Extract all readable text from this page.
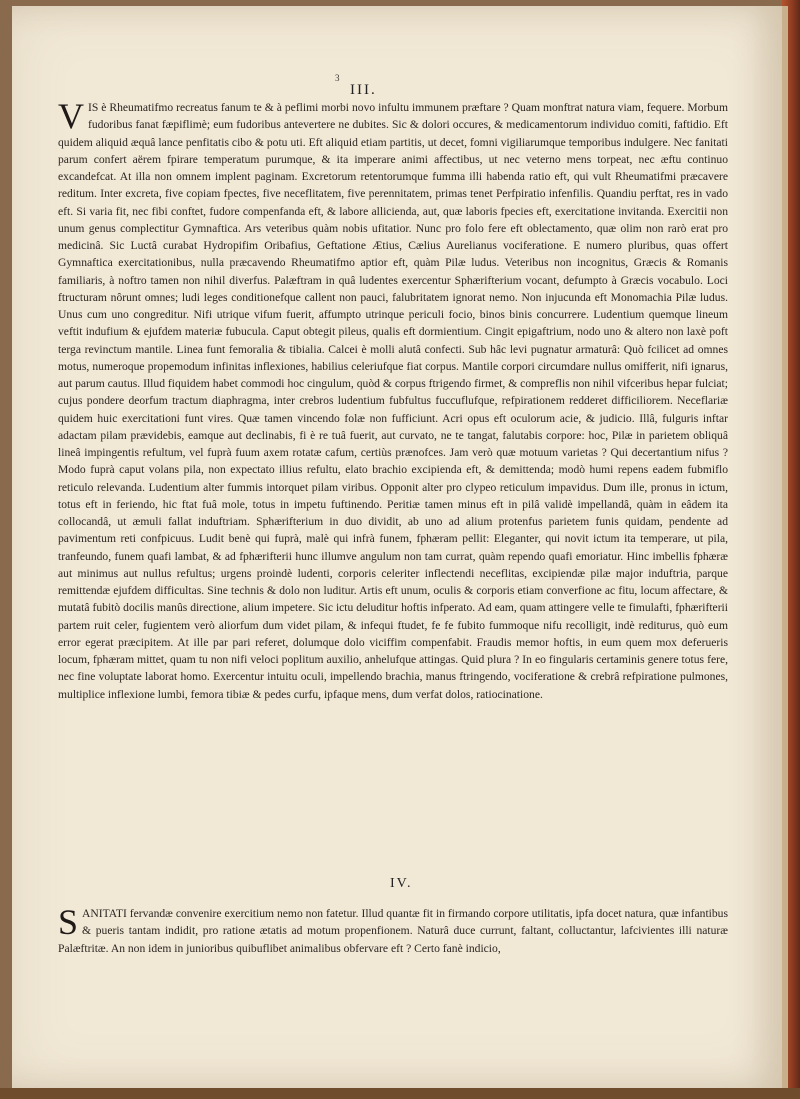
3
III.
V IS è Rheumatifmo recreatus fanum te & à peflimi morbi novo infultu immunem præftare ? Quam monftrat natura viam, fequere. Morbum fudoribus fanat fæpiflimè; eum fudoribus antevertere ne dubites. Sic & dolori occures, & medicamentorum individuo comiti, faftidio. Eft quidem aliquid æquâ lance penfitatis cibo & potu uti. Eft aliquid etiam partitis, ut decet, fomni vigiliarumque temporibus indulgere. Nec fanitati parum confert aërem fpirare temperatum purumque, & ita imperare animi affectibus, ut nec veterno mens torpeat, nec æftu continuo excandefcat. At illa non omnem implent paginam. Excretorum retentorumque fumma illi habenda ratio eft, qui vult Rheumatifmi præcavere reditum. Inter excreta, five copiam fpectes, five neceflitatem, five perennitatem, primas tenet Perfpiratio infenfilis. Quandiu perftat, res in vado eft. Si varia fit, nec fibi conftet, fudore compenfanda eft, & labore allicienda, aut, quæ laboris fpecies eft, exercitatione invitanda. Exercitii non unum genus complectitur Gymnaftica. Ars veteribus quàm nobis ufitatior. Nunc pro folo fere eft oblectamento, quæ olim non rarò erat pro medicinâ. Sic Luctâ curabat Hydropifim Oribafius, Geftatione Ætius, Cælius Aurelianus vociferatione. E numero pluribus, quas offert Gymnaftica exercitationibus, nulla præcavendo Rheumatifmo aptior eft, quàm Pilæ ludus. Veteribus non incognitus, Græcis & Romanis familiaris, à noftro tamen non nihil diverfus. Palæftram in quâ ludentes exercentur Sphærifterium vocant, defumpto à Græcis vocabulo. Loci ftructuram nôrunt omnes; ludi leges conditionefque callent non pauci, falubritatem ignorat nemo. Non injucunda eft Monomachia Pilæ ludus. Unus cum uno congreditur. Nifi utrique vifum fuerit, affumpto utrinque periculi focio, binos binis concurrere. Ludentium quemque lineum veftit indufium & ejufdem materiæ fubucula. Caput obtegit pileus, qualis eft dormientium. Cingit epigaftrium, nodo uno & altero non laxè poft terga revinctum mantile. Linea funt femoralia & tibialia. Calcei è molli alutâ confecti. Sub hâc levi pugnatur armaturâ: Quò fcilicet ad omnes motus, numeroque propemodum infinitas inflexiones, habilius celeriufque fiat corpus. Mantile corpori circumdare nullus omifferit, nifi ignarus, aut parum cautus. Illud fiquidem habet commodi hoc cingulum, quòd & corpus ftrigendo firmet, & compreflis non nihil vifceribus hepar fulciat; cujus pondere deorfum tractum diaphragma, inter crebros ludentium fubfultus fuccuflufque, refpirationem redderet difficiliorem. Neceflariæ quidem huic exercitationi funt vires. Quæ tamen vincendo folæ non fufficiunt. Acri opus eft oculorum acie, & judicio. Illâ, fulguris inftar adactam pilam prævidebis, eamque aut declinabis, fi è re tuâ fuerit, aut curvato, ne te tangat, falutabis corpore: hoc, Pilæ in parietem obliquâ lineâ impingentis refultum, vel fuprà fuum axem rotatæ cafum, certiùs prænofces. Jam verò quæ motuum varietas ? Qui decertantium nifus ? Modo fuprà caput volans pila, non expectato illius refultu, elato brachio excipienda eft, & demittenda; modò humi repens eadem fubmiflo reticulo relevanda. Ludentium alter fummis intorquet pilam viribus. Opponit alter pro clypeo reticulum impavidus. Dum ille, pronus in ictum, totus eft in feriendo, hic ftat fuâ mole, totus in impetu fuftinendo. Peritiæ tamen minus eft in pilâ validè impellandâ, quàm in eâdem ita collocandâ, ut æmuli fallat induftriam. Sphærifterium in duo dividit, ab uno ad alium protenfus parietem funis quidam, pendente ad pavimentum reti confpicuus. Ludit benè qui fuprà, malè qui infrà funem, fphæram pellit: Eleganter, qui novit ictum ita temperare, ut pila, tranfeundo, funem quafi lambat, & ad fphærifterii hunc illumve angulum non tam currat, quàm rependo quafi emoriatur. Hinc imbellis fphæræ aut minimus aut nullus refultus; urgens proindè ludenti, corporis celeriter inflectendi neceflitas, excipiendæ pilæ major induftria, parque remittendæ ejufdem difficultas. Sine technis & dolo non luditur. Artis eft unum, oculis & corporis etiam converfione ac fitu, locum affectare, & mutatâ fubitò docilis manûs directione, alium impetere. Sic ictu deluditur hoftis infperato. Ad eam, quam attingere velle te fimulafti, fphærifterii partem ruit celer, fugientem verò aliorfum dum videt pilam, & infequi ftudet, fe fe fubito fummoque nifu recolligit, indè rediturus, quò eum error egerat præcipitem. At ille par pari referet, dolumque dolo viciffim compenfabit. Fraudis memor hoftis, in eum quem mox deferueris locum, fphæram mittet, quam tu non nifi veloci poplitum auxilio, anhelufque attingas. Quid plura ? In eo fingularis certaminis genere totus fere, nec fine voluptate laborat homo. Exercentur intuitu oculi, impellendo brachia, manus ftringendo, vociferatione & crebrâ refpiratione pulmones, multiplice inflexione lumbi, femora tibiæ & pedes curfu, ipfaque mens, dum verfat dolos, ratiocinatione.

IV.
S ANITATI fervandæ convenire exercitium nemo non fatetur. Illud quantæ fit in firmando corpore utilitatis, ipfa docet natura, quæ infantibus & pueris tantam indidit, pro ratione ætatis ad motum propenfionem. Naturâ duce currunt, faltant, colluctantur, lafcivientes illi naturæ Palæftritæ. An non idem in junioribus quibuflibet animalibus obfervare eft ? Certo fanè indicio,
